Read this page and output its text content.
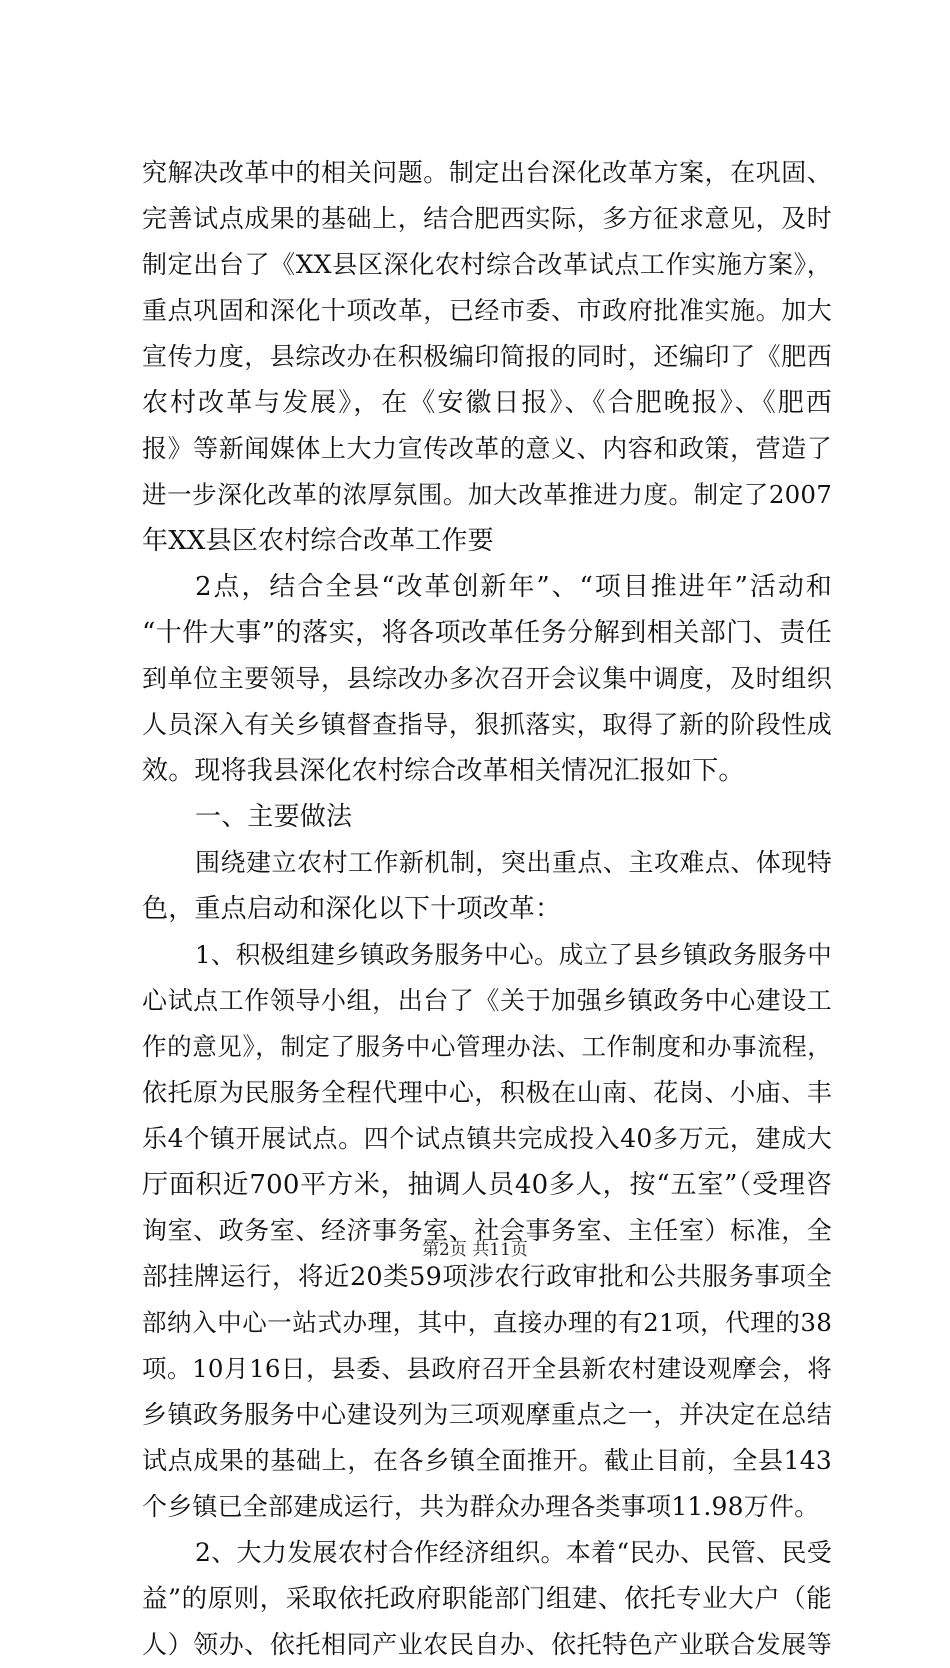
究解决改革中的相关问题。制定出台深化改革方案，在巩固、
完善试点成果的基础上，结合肥西实际，多方征求意见，及时
制定出台了《XX县区深化农村综合改革试点工作实施方案》，
重点巩固和深化十项改革，已经市委、市政府批准实施。加大
宣传力度，县综改办在积极编印简报的同时，还编印了《肥西
农村改革与发展》，在《安徽日报》、《合肥晚报》、《肥西
报》等新闻媒体上大力宣传改革的意义、内容和政策，营造了
进一步深化改革的浓厚氛围。加大改革推进力度。制定了2007
年XX县区农村综合改革工作要
2点，结合全县“改革创新年”、“项目推进年”活动和
“十件大事”的落实，将各项改革任务分解到相关部门、责任
到单位主要领导，县综改办多次召开会议集中调度，及时组织
人员深入有关乡镇督查指导，狠抓落实，取得了新的阶段性成
效。现将我县深化农村综合改革相关情况汇报如下。
一、主要做法
围绕建立农村工作新机制，突出重点、主攻难点、体现特
色，重点启动和深化以下十项改革：
1、积极组建乡镇政务服务中心。成立了县乡镇政务服务中
心试点工作领导小组，出台了《关于加强乡镇政务中心建设工
作的意见》，制定了服务中心管理办法、工作制度和办事流程，
依托原为民服务全程代理中心，积极在山南、花岗、小庙、丰
乐4个镇开展试点。四个试点镇共完成投入40多万元，建成大
厅面积近700平方米，抽调人员40多人，按“五室”（受理咨
询室、政务室、经济事务室、社会事务室、主任室）标准，全
部挂牌运行，将近20类59项涉农行政审批和公共服务事项全
部纳入中心一站式办理，其中，直接办理的有21项，代理的38
项。10月16日，县委、县政府召开全县新农村建设观摩会，将
乡镇政务服务中心建设列为三项观摩重点之一，并决定在总结
试点成果的基础上，在各乡镇全面推开。截止目前，全县143
个乡镇已全部建成运行，共为群众办理各类事项11.98万件。
2、大力发展农村合作经济组织。本着“民办、民管、民受
益”的原则，采取依托政府职能部门组建、依托专业大户（能
人）领办、依托相同产业农民自办、依托特色产业联合发展等
第2页 共11页
